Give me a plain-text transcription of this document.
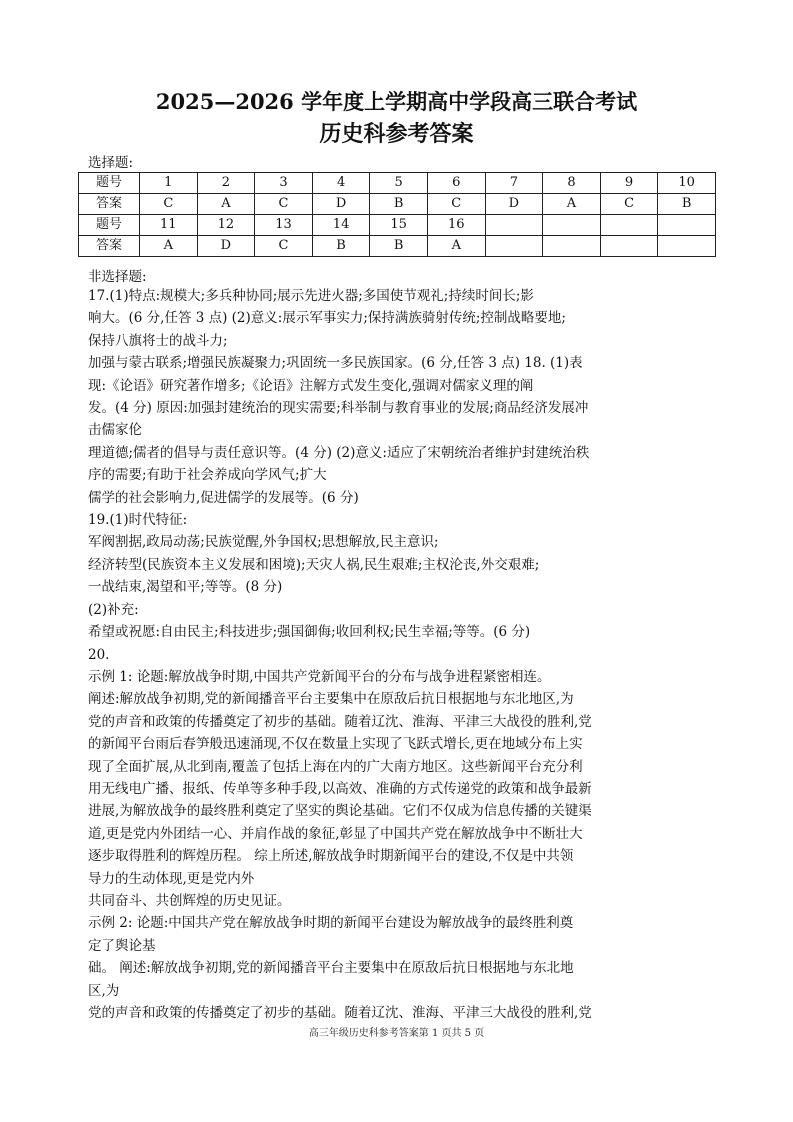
2025—2026 学年度上学期高中学段高三联合考试
历史科参考答案
选择题:
题号	1	2	3	4	5	6	7	8	9	10
答案	C	A	C	D	B	C	D	A	C	B
题号	11	12	13	14	15	16				
答案	A	D	C	B	B	A				
非选择题:

17.(1)特点:规模大;多兵种协同;展示先进火器;多国使节观礼;持续时间长;影

响大。(6 分,任答 3 点) (2)意义:展示军事实力;保持满族骑射传统;控制战略要地;

保持八旗将士的战斗力;

加强与蒙古联系;增强民族凝聚力;巩固统一多民族国家。(6 分,任答 3 点) 18. (1)表

现:《论语》研究著作增多;《论语》注解方式发生变化,强调对儒家义理的阐

发。(4 分) 原因:加强封建统治的现实需要;科举制与教育事业的发展;商品经济发展冲

击儒家伦

理道德;儒者的倡导与责任意识等。(4 分) (2)意义:适应了宋朝统治者维护封建统治秩

序的需要;有助于社会养成向学风气;扩大

儒学的社会影响力,促进儒学的发展等。(6 分)

19.(1)时代特征:

军阀割据,政局动荡;民族觉醒,外争国权;思想解放,民主意识;

经济转型(民族资本主义发展和困境);天灾人祸,民生艰难;主权沦丧,外交艰难;

一战结束,渴望和平;等等。(8 分)

(2)补充:

希望或祝愿:自由民主;科技进步;强国御侮;收回利权;民生幸福;等等。(6 分)

20.

示例 1: 论题:解放战争时期,中国共产党新闻平台的分布与战争进程紧密相连。

阐述:解放战争初期,党的新闻播音平台主要集中在原敌后抗日根据地与东北地区,为

党的声音和政策的传播奠定了初步的基础。随着辽沈、淮海、平津三大战役的胜利,党

的新闻平台雨后春笋般迅速涌现,不仅在数量上实现了飞跃式增长,更在地域分布上实

现了全面扩展,从北到南,覆盖了包括上海在内的广大南方地区。这些新闻平台充分利

用无线电广播、报纸、传单等多种手段,以高效、准确的方式传递党的政策和战争最新

进展,为解放战争的最终胜利奠定了坚实的舆论基础。它们不仅成为信息传播的关键渠

道,更是党内外团结一心、并肩作战的象征,彰显了中国共产党在解放战争中不断壮大

逐步取得胜利的辉煌历程。 综上所述,解放战争时期新闻平台的建设,不仅是中共领

导力的生动体现,更是党内外

共同奋斗、共创辉煌的历史见证。

示例 2: 论题:中国共产党在解放战争时期的新闻平台建设为解放战争的最终胜利奠

定了舆论基

础。 阐述:解放战争初期,党的新闻播音平台主要集中在原敌后抗日根据地与东北地

区,为

党的声音和政策的传播奠定了初步的基础。随着辽沈、淮海、平津三大战役的胜利,党

高三年级历史科参考答案第 1 页共 5 页
